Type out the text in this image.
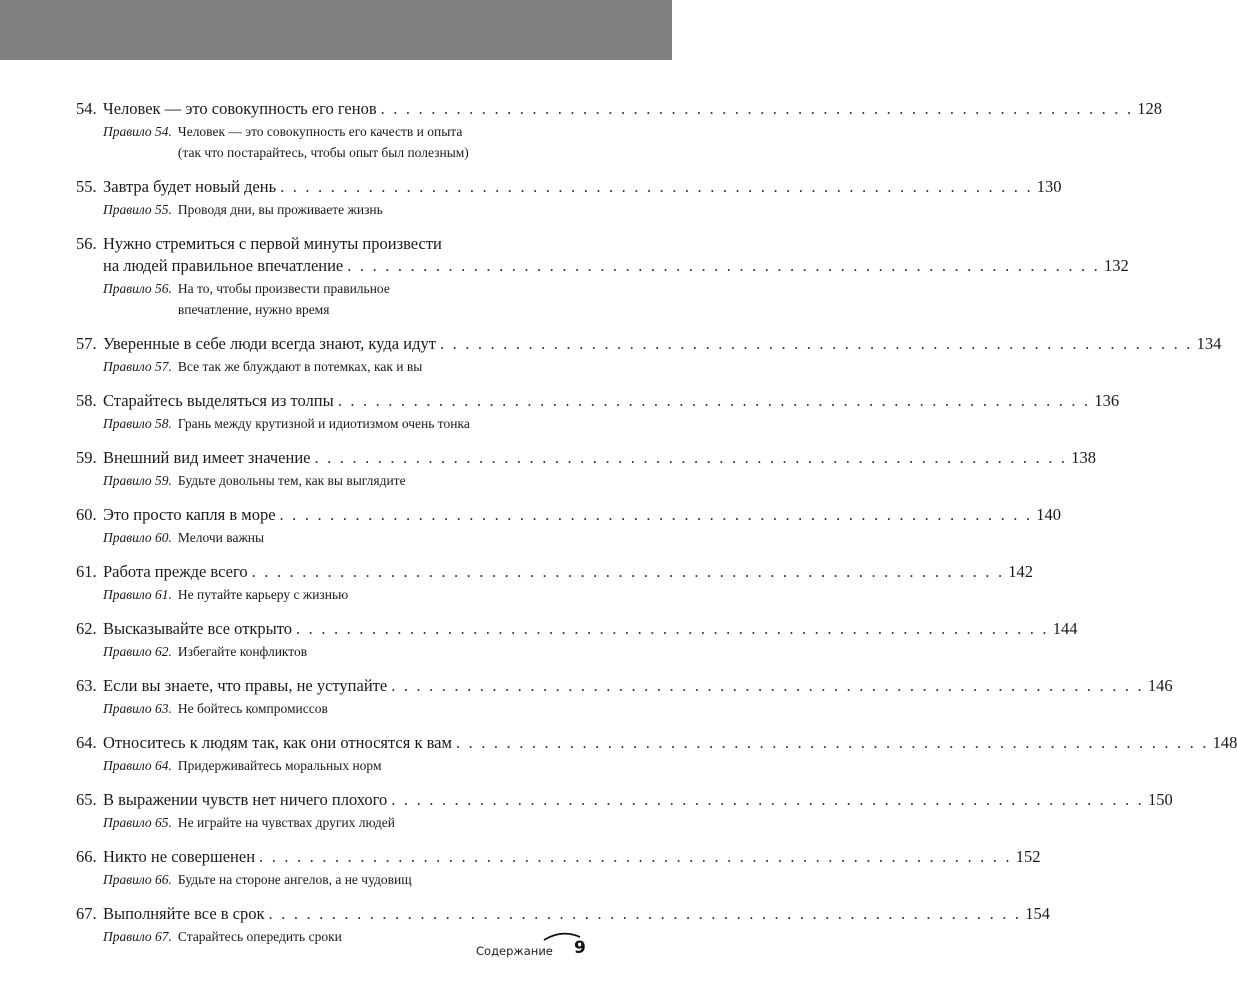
54. Человек — это совокупность его генов . . . . . . . . . . . . . . . . . . . . . . . . . . . . . . . . . . . . . . . . . . . . . . . . . . . . . . . . . . . . 128
Правило 54. Человек — это совокупность его качеств и опыта
(так что постарайтесь, чтобы опыт был полезным)
55. Завтра будет новый день . . . . . . . . . . . . . . . . . . . . . . . . . . . . . . . . . . . . . . . . . . . . . . . . . . . . . . . . . . . . 130
Правило 55. Проводя дни, вы проживаете жизнь
56. Нужно стремиться с первой минуты произвести
на людей правильное впечатление . . . . . . . . . . . . . . . . . . . . . . . . . . . . . . . . . . . . . . . . . . . . . . . . . . . . . . . . . . . . 132
Правило 56. На то, чтобы произвести правильное
впечатление, нужно время
57. Уверенные в себе люди всегда знают, куда идут . . . . . . . . . . . . . . . . . . . . . . . . . . . . . . . . . . . . . . . . . . . . . . . . . . . . . . . . . . . . 134
Правило 57. Все так же блуждают в потемках, как и вы
58. Старайтесь выделяться из толпы . . . . . . . . . . . . . . . . . . . . . . . . . . . . . . . . . . . . . . . . . . . . . . . . . . . . . . . . . . . . 136
Правило 58. Грань между крутизной и идиотизмом очень тонка
59. Внешний вид имеет значение . . . . . . . . . . . . . . . . . . . . . . . . . . . . . . . . . . . . . . . . . . . . . . . . . . . . . . . . . . . . 138
Правило 59. Будьте довольны тем, как вы выглядите
60. Это просто капля в море . . . . . . . . . . . . . . . . . . . . . . . . . . . . . . . . . . . . . . . . . . . . . . . . . . . . . . . . . . . . 140
Правило 60. Мелочи важны
61. Работа прежде всего . . . . . . . . . . . . . . . . . . . . . . . . . . . . . . . . . . . . . . . . . . . . . . . . . . . . . . . . . . . . 142
Правило 61. Не путайте карьеру с жизнью
62. Высказывайте все открыто . . . . . . . . . . . . . . . . . . . . . . . . . . . . . . . . . . . . . . . . . . . . . . . . . . . . . . . . . . . . 144
Правило 62. Избегайте конфликтов
63. Если вы знаете, что правы, не уступайте . . . . . . . . . . . . . . . . . . . . . . . . . . . . . . . . . . . . . . . . . . . . . . . . . . . . . . . . . . . . 146
Правило 63. Не бойтесь компромиссов
64. Относитесь к людям так, как они относятся к вам . . . . . . . . . . . . . . . . . . . . . . . . . . . . . . . . . . . . . . . . . . . . . . . . . . . . . . . . . . . . 148
Правило 64. Придерживайтесь моральных норм
65. В выражении чувств нет ничего плохого . . . . . . . . . . . . . . . . . . . . . . . . . . . . . . . . . . . . . . . . . . . . . . . . . . . . . . . . . . . . 150
Правило 65. Не играйте на чувствах других людей
66. Никто не совершенен . . . . . . . . . . . . . . . . . . . . . . . . . . . . . . . . . . . . . . . . . . . . . . . . . . . . . . . . . . . . 152
Правило 66. Будьте на стороне ангелов, а не чудовищ
67. Выполняйте все в срок . . . . . . . . . . . . . . . . . . . . . . . . . . . . . . . . . . . . . . . . . . . . . . . . . . . . . . . . . . . . 154
Правило 67. Старайтесь опередить сроки
Содержание 9
